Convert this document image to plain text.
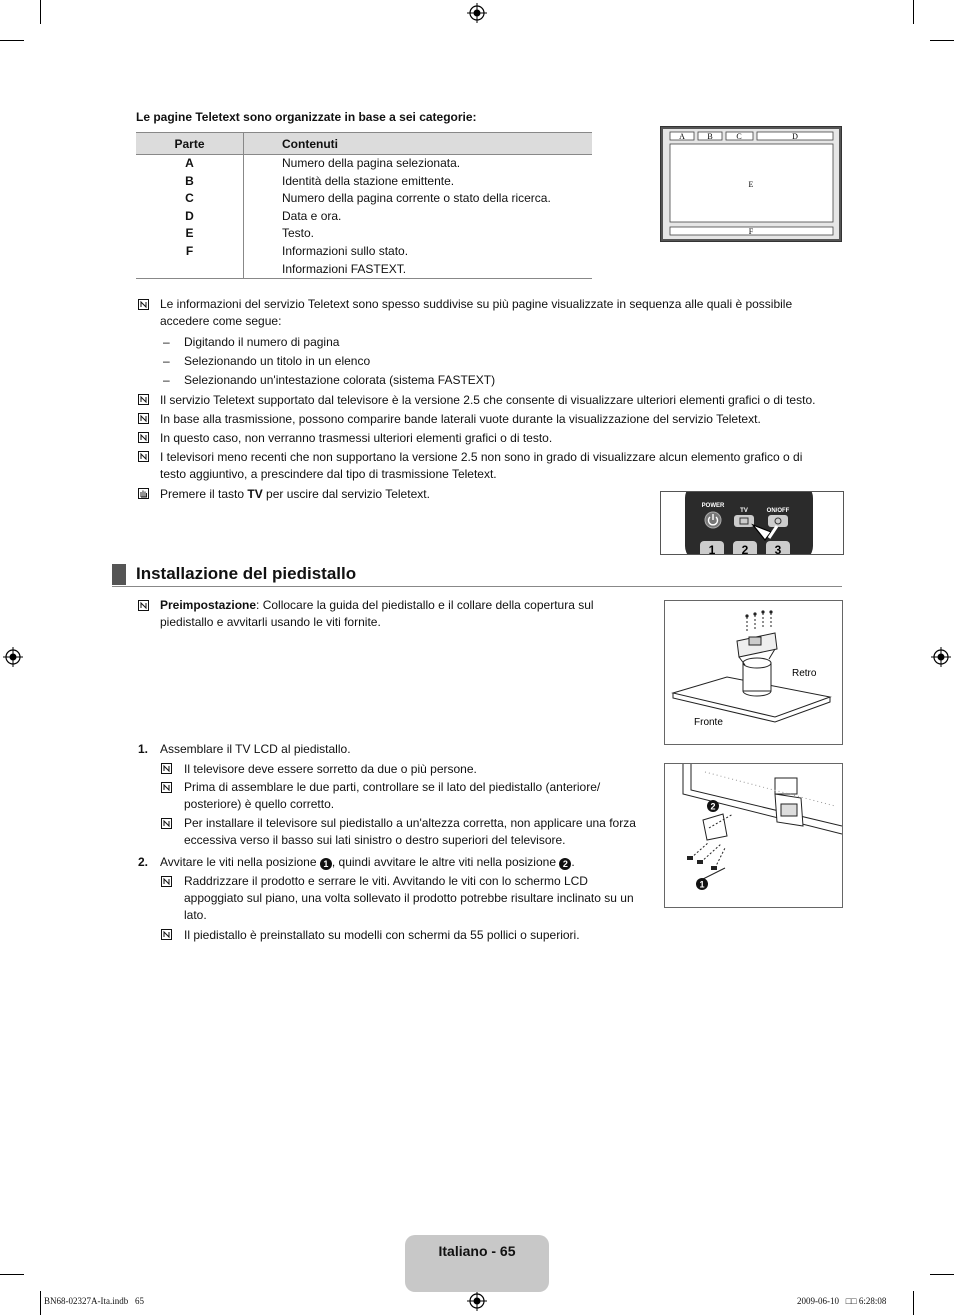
Le pagine Teletext sono organizzate in base a sei categorie:
Parte	Contenuti
A	Numero della pagina selezionata.
B	Identità della stazione emittente.
C	Numero della pagina corrente o stato della ricerca.
D	Data e ora.
E	Testo.
F	Informazioni sullo stato.
	Informazioni FASTEXT.
A	B	C	D
E
F
Le informazioni del servizio Teletext sono spesso suddivise su più pagine visualizzate in sequenza alle quali è possibile accedere come segue:
– Digitando il numero di pagina
– Selezionando un titolo in un elenco
– Selezionando un'intestazione colorata (sistema FASTEXT)
Il servizio Teletext supportato dal televisore è la versione 2.5 che consente di visualizzare ulteriori elementi grafici o di testo.
In base alla trasmissione, possono comparire bande laterali vuote durante la visualizzazione del servizio Teletext.
In questo caso, non verranno trasmessi ulteriori elementi grafici o di testo.
I televisori meno recenti che non supportano la versione 2.5 non sono in grado di visualizzare alcun elemento grafico o di testo aggiuntivo, a prescindere dal tipo di trasmissione Teletext.
Premere il tasto TV per uscire dal servizio Teletext.
POWER
TV	ON/OFF
1 2 3
Installazione del piedistallo
Preimpostazione: Collocare la guida del piedistallo e il collare della copertura sul piedistallo e avvitarli usando le viti fornite.
Retro
Fronte
1. Assemblare il TV LCD al piedistallo.
Il televisore deve essere sorretto da due o più persone.
Prima di assemblare le due parti, controllare se il lato del piedistallo (anteriore/ posteriore) è quello corretto.
Per installare il televisore sul piedistallo a un'altezza corretta, non applicare una forza eccessiva verso il basso sui lati sinistro o destro superiori del televisore.
2. Avvitare le viti nella posizione 1 , quindi avvitare le altre viti nella posizione 2 .
Raddrizzare il prodotto e serrare le viti. Avvitando le viti con lo schermo LCD appoggiato sul piano, una volta sollevato il prodotto potrebbe risultare inclinato su un lato.
Il piedistallo è preinstallato su modelli con schermi da 55 pollici o superiori.
2
1
Italiano - 65
BN68-02327A-Ita.indb   65	2009-06-10   □□ 6:28:08
